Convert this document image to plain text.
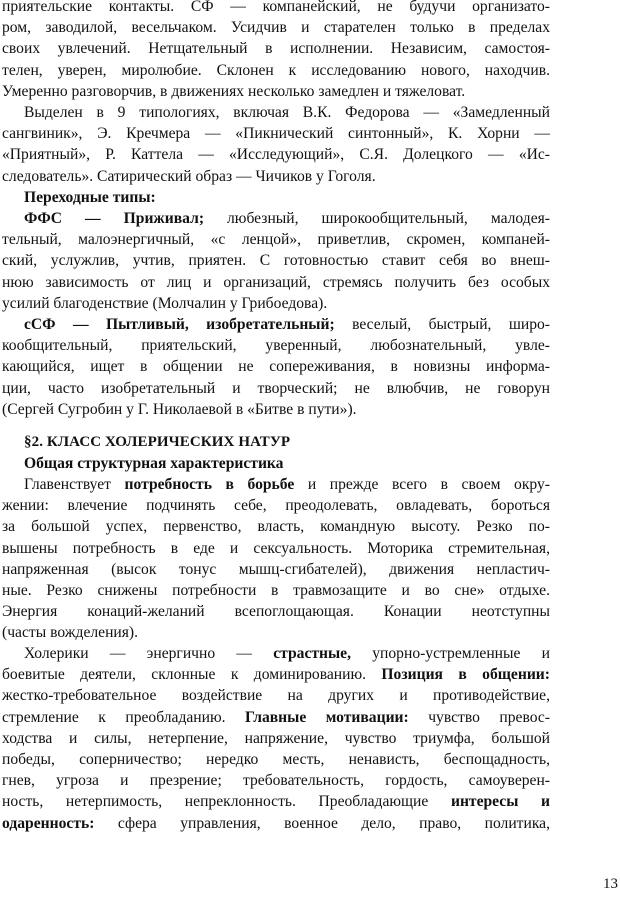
приятельские контакты. СФ — компанейский, не будучи организато-
ром, заводилой, весельчаком. Усидчив и старателен только в пределах
своих увлечений. Нетщательный в исполнении. Независим, самостоя-
телен, уверен, миролюбие. Склонен к исследованию нового, находчив.
Умеренно разговорчив, в движениях несколько замедлен и тяжеловат.
Выделен в 9 типологиях, включая В.К. Федорова — «Замедленный
сангвиник», Э. Кречмера — «Пикнический синтонный», К. Хорни —
«Приятный», Р. Каттела — «Исследующий», С.Я. Долецкого — «Ис-
следователь». Сатирический образ — Чичиков у Гоголя.
Переходные типы:
ФФС — Приживал; любезный, широкообщительный, малодея-
тельный, малоэнергичный, «с ленцой», приветлив, скромен, компаней-
ский, услужлив, учтив, приятен. С готовностью ставит себя во внеш-
нюю зависимость от лиц и организаций, стремясь получить без особых
усилий благоденствие (Молчалин у Грибоедова).
сСФ — Пытливый, изобретательный; веселый, быстрый, широ-
кообщительный, приятельский, уверенный, любознательный, увле-
кающийся, ищет в общении не сопереживания, в новизны информа-
ции, часто изобретательный и творческий; не влюбчив, не говорун
(Сергей Сугробин у Г. Николаевой в «Битве в пути»).
§2. КЛАСС ХОЛЕРИЧЕСКИХ НАТУР
Общая структурная характеристика
Главенствует потребность в борьбе и прежде всего в своем окру-
жении: влечение подчинять себе, преодолевать, овладевать, бороться
за большой успех, первенство, власть, командную высоту. Резко по-
вышены потребность в еде и сексуальность. Моторика стремительная,
напряженная (высок тонус мышц-сгибателей), движения непластич-
ные. Резко снижены потребности в травмозащите и во сне» отдыхе.
Энергия конаций-желаний всепоглощающая. Конации неотступны
(часты вожделения).
Холерики — энергично — страстные, упорно-устремленные и
боевитые деятели, склонные к доминированию. Позиция в общении:
жестко-требовательное воздействие на других и противодействие,
стремление к преобладанию. Главные мотивации: чувство превос-
ходства и силы, нетерпение, напряжение, чувство триумфа, большой
победы, соперничество; нередко месть, ненависть, беспощадность,
гнев, угроза и презрение; требовательность, гордость, самоуверен-
ность, нетерпимость, непреклонность. Преобладающие интересы и
одаренность: сфера управления, военное дело, право, политика,
13
